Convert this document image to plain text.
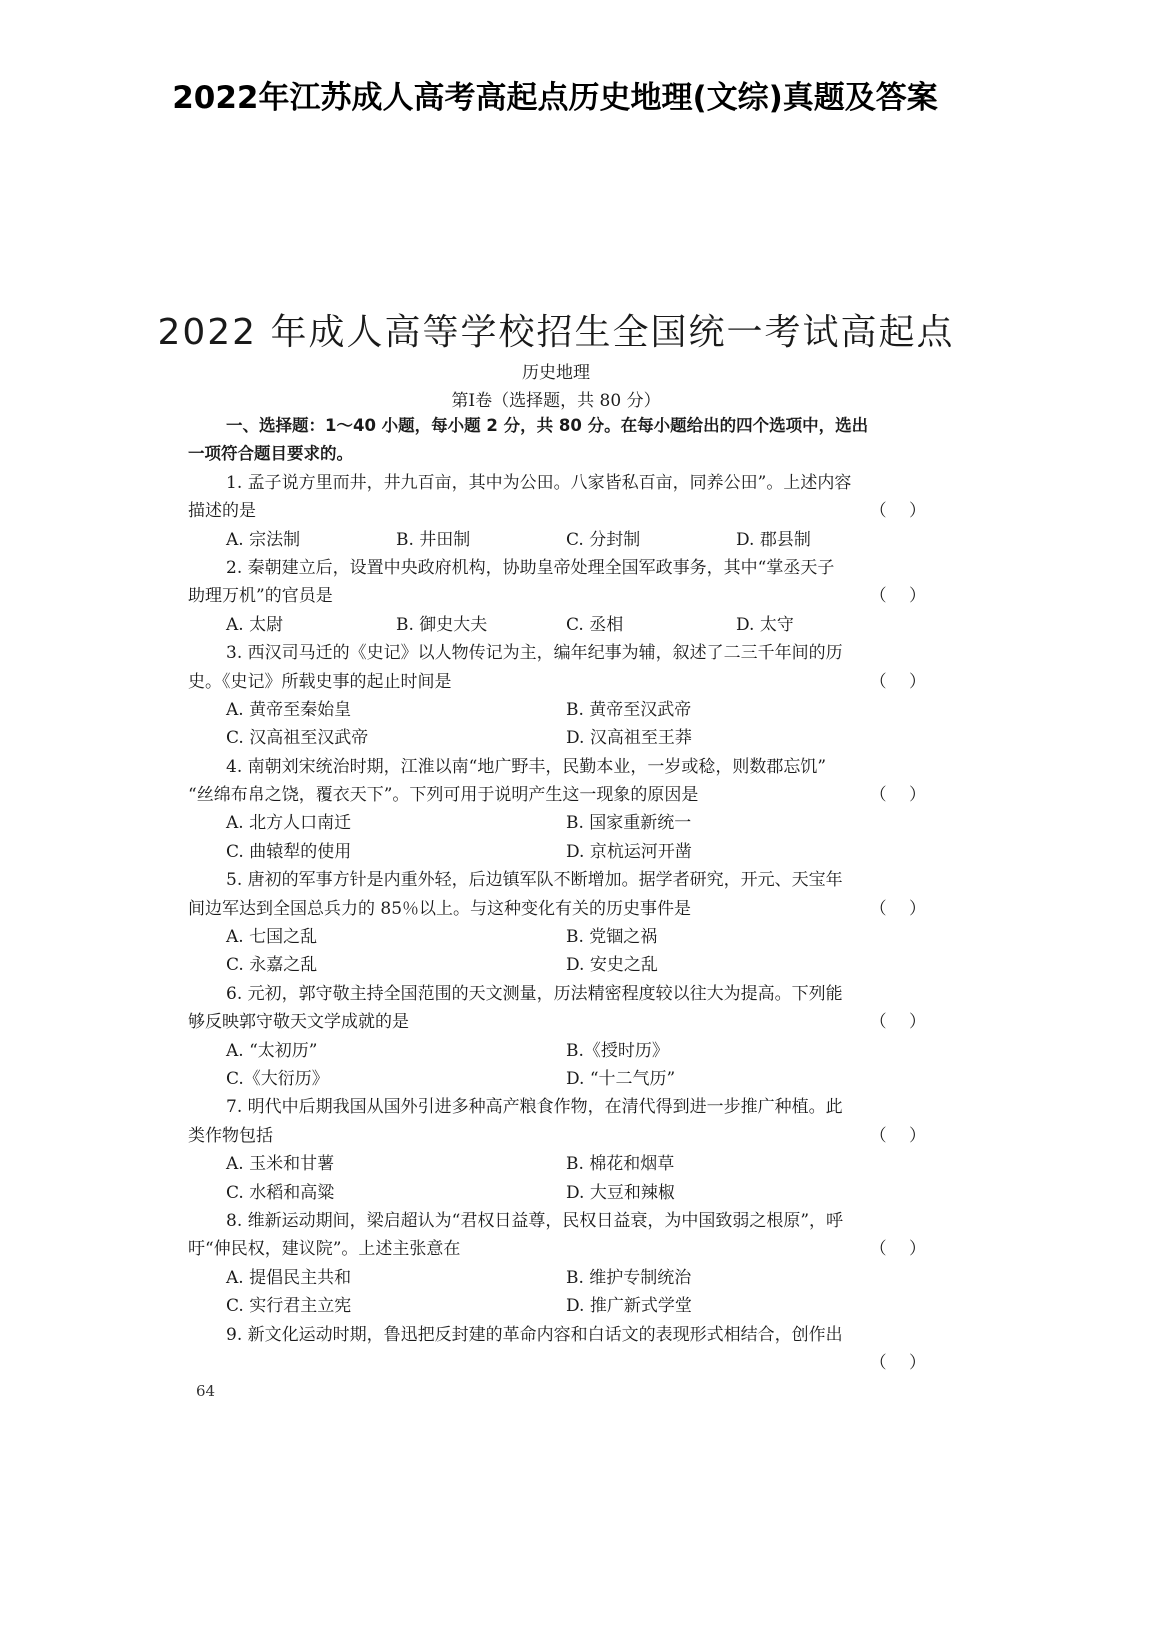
2022年江苏成人高考高起点历史地理(文综)真题及答案
2022 年成人高等学校招生全国统一考试高起点
历史地理
第Ⅰ卷（选择题，共 80 分）
一、选择题：1～40 小题，每小题 2 分，共 80 分。在每小题给出的四个选项中，选出
一项符合题目要求的。
1. 孟子说方里而井，井九百亩，其中为公田。八家皆私百亩，同养公田”。上述内容
描述的是	（　 ）
A. 宗法制	B. 井田制	C. 分封制	D. 郡县制
2. 秦朝建立后，设置中央政府机构，协助皇帝处理全国军政事务，其中“掌丞天子
助理万机”的官员是	（　 ）
A. 太尉	B. 御史大夫	C. 丞相	D. 太守
3. 西汉司马迁的《史记》以人物传记为主，编年纪事为辅，叙述了二三千年间的历
史。《史记》所载史事的起止时间是	（　 ）
A. 黄帝至秦始皇	B. 黄帝至汉武帝
C. 汉高祖至汉武帝	D. 汉高祖至王莽
4. 南朝刘宋统治时期，江淮以南“地广野丰，民勤本业，一岁或稔，则数郡忘饥”
“丝绵布帛之饶，覆衣天下”。下列可用于说明产生这一现象的原因是	（　 ）
A. 北方人口南迁	B. 国家重新统一
C. 曲辕犁的使用	D. 京杭运河开凿
5. 唐初的军事方针是内重外轻，后边镇军队不断增加。据学者研究，开元、天宝年
间边军达到全国总兵力的 85％以上。与这种变化有关的历史事件是	（　 ）
A. 七国之乱	B. 党锢之祸
C. 永嘉之乱	D. 安史之乱
6. 元初，郭守敬主持全国范围的天文测量，历法精密程度较以往大为提高。下列能
够反映郭守敬天文学成就的是	（　 ）
A. “太初历”	B.《授时历》
C.《大衍历》	D. “十二气历”
7. 明代中后期我国从国外引进多种高产粮食作物，在清代得到进一步推广种植。此
类作物包括	（　 ）
A. 玉米和甘薯	B. 棉花和烟草
C. 水稻和高粱	D. 大豆和辣椒
8. 维新运动期间，梁启超认为“君权日益尊，民权日益衰，为中国致弱之根原”，呼
吁“伸民权，建议院”。上述主张意在	（　 ）
A. 提倡民主共和	B. 维护专制统治
C. 实行君主立宪	D. 推广新式学堂
9. 新文化运动时期，鲁迅把反封建的革命内容和白话文的表现形式相结合，创作出
（　 ）
64
